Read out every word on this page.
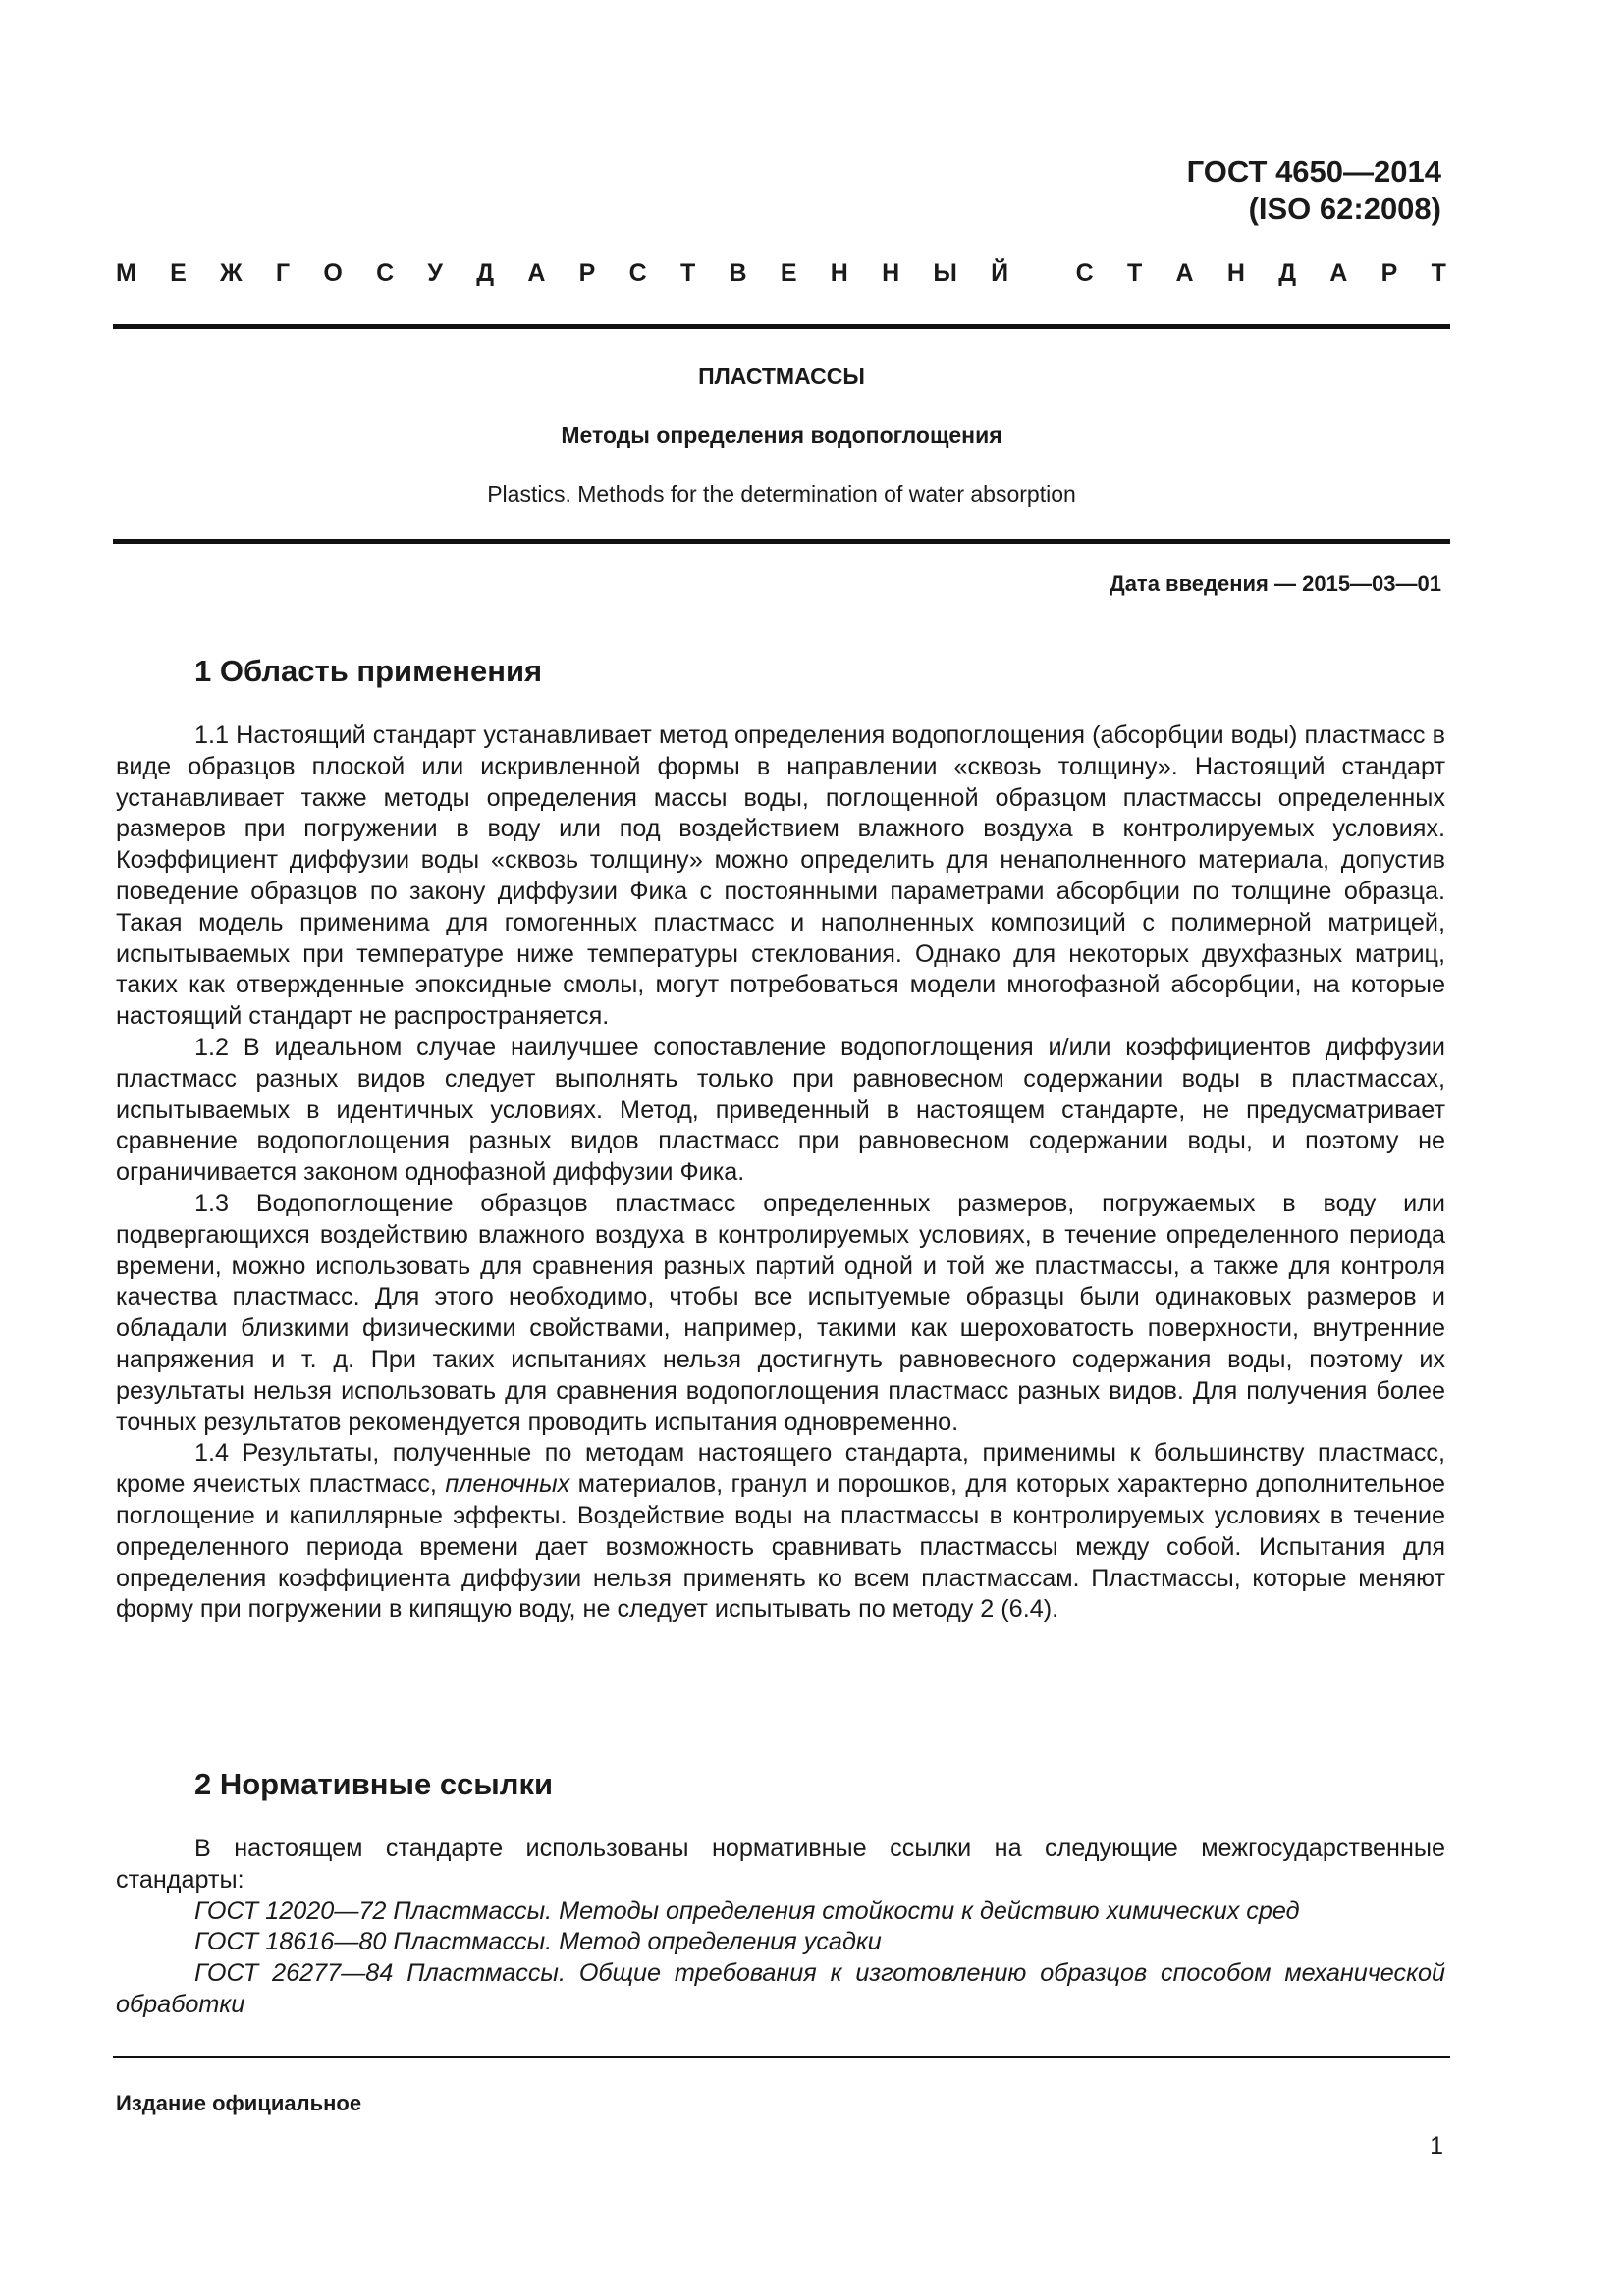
ГОСТ 4650—2014
(ISO 62:2008)
М Е Ж Г О С У Д А Р С Т В Е Н Н Ы Й	С Т А Н Д А Р Т
ПЛАСТМАССЫ
Методы определения водопоглощения
Plastics. Methods for the determination of water absorption
Дата введения — 2015—03—01
1 Область применения

1.1 Настоящий стандарт устанавливает метод определения водопоглощения (абсорбции воды) пластмасс в виде образцов плоской или искривленной формы в направлении «сквозь толщину». Настоящий стандарт устанавливает также методы определения массы воды, поглощенной образцом пластмассы определенных размеров при погружении в воду или под воздействием влажного воздуха в контролируемых условиях. Коэффициент диффузии воды «сквозь толщину» можно определить для ненаполненного материала, допустив поведение образцов по закону диффузии Фика с постоянными параметрами абсорбции по толщине образца. Такая модель применима для гомогенных пластмасс и наполненных композиций с полимерной матрицей, испытываемых при температуре ниже температуры стеклования. Однако для некоторых двухфазных матриц, таких как отвержденные эпоксидные смолы, могут потребоваться модели многофазной абсорбции, на которые настоящий стандарт не распространяется.

1.2 В идеальном случае наилучшее сопоставление водопоглощения и/или коэффициентов диффузии пластмасс разных видов следует выполнять только при равновесном содержании воды в пластмассах, испытываемых в идентичных условиях. Метод, приведенный в настоящем стандарте, не предусматривает сравнение водопоглощения разных видов пластмасс при равновесном содержании воды, и поэтому не ограничивается законом однофазной диффузии Фика.

1.3 Водопоглощение образцов пластмасс определенных размеров, погружаемых в воду или подвергающихся воздействию влажного воздуха в контролируемых условиях, в течение определенного периода времени, можно использовать для сравнения разных партий одной и той же пластмассы, а также для контроля качества пластмасс. Для этого необходимо, чтобы все испытуемые образцы были одинаковых размеров и обладали близкими физическими свойствами, например, такими как шероховатость поверхности, внутренние напряжения и т. д. При таких испытаниях нельзя достигнуть равновесного содержания воды, поэтому их результаты нельзя использовать для сравнения водопоглощения пластмасс разных видов. Для получения более точных результатов рекомендуется проводить испытания одновременно.

1.4 Результаты, полученные по методам настоящего стандарта, применимы к большинству пластмасс, кроме ячеистых пластмасс, пленочных материалов, гранул и порошков, для которых характерно дополнительное поглощение и капиллярные эффекты. Воздействие воды на пластмассы в контролируемых условиях в течение определенного периода времени дает возможность сравнивать пластмассы между собой. Испытания для определения коэффициента диффузии нельзя применять ко всем пластмассам. Пластмассы, которые меняют форму при погружении в кипящую воду, не следует испытывать по методу 2 (6.4).

2 Нормативные ссылки

В настоящем стандарте использованы нормативные ссылки на следующие межгосударственные стандарты:

ГОСТ 12020—72 Пластмассы. Методы определения стойкости к действию химических сред

ГОСТ 18616—80 Пластмассы. Метод определения усадки

ГОСТ 26277—84 Пластмассы. Общие требования к изготовлению образцов способом механической обработки

Издание официальное
1
